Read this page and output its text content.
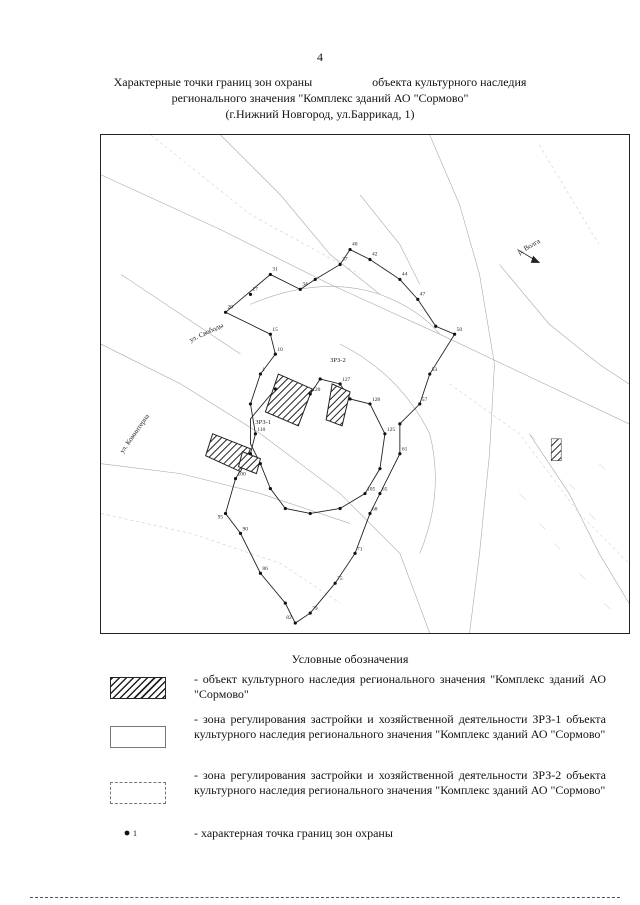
4
Характерные точки границ зон охраны	объекта культурного наследия
регионального значения "Комплекс зданий АО "Сормово"
(г.Нижний Новгород, ул.Баррикад, 1)
20
27
31
34
37
40
42
44
47
50
53
57
61
65
68
71
75
79
82
86
90
95
100
110
1
10
15
120
127
128
125
105
ул. Свободы
ул. Коминтерна
р. Волга
ЗРЗ-2
ЗРЗ-1
Условные обозначения
- объект культурного наследия регионального значения "Комплекс зданий АО "Сормово"
- зона регулирования застройки и хозяйственной деятельности ЗРЗ-1 объекта культурного наследия регионального значения "Комплекс зданий АО "Сормово"
- зона регулирования застройки и хозяйственной деятельности ЗРЗ-2 объекта культурного наследия регионального значения "Комплекс зданий АО "Сормово"
1	- характерная точка границ зон охраны
